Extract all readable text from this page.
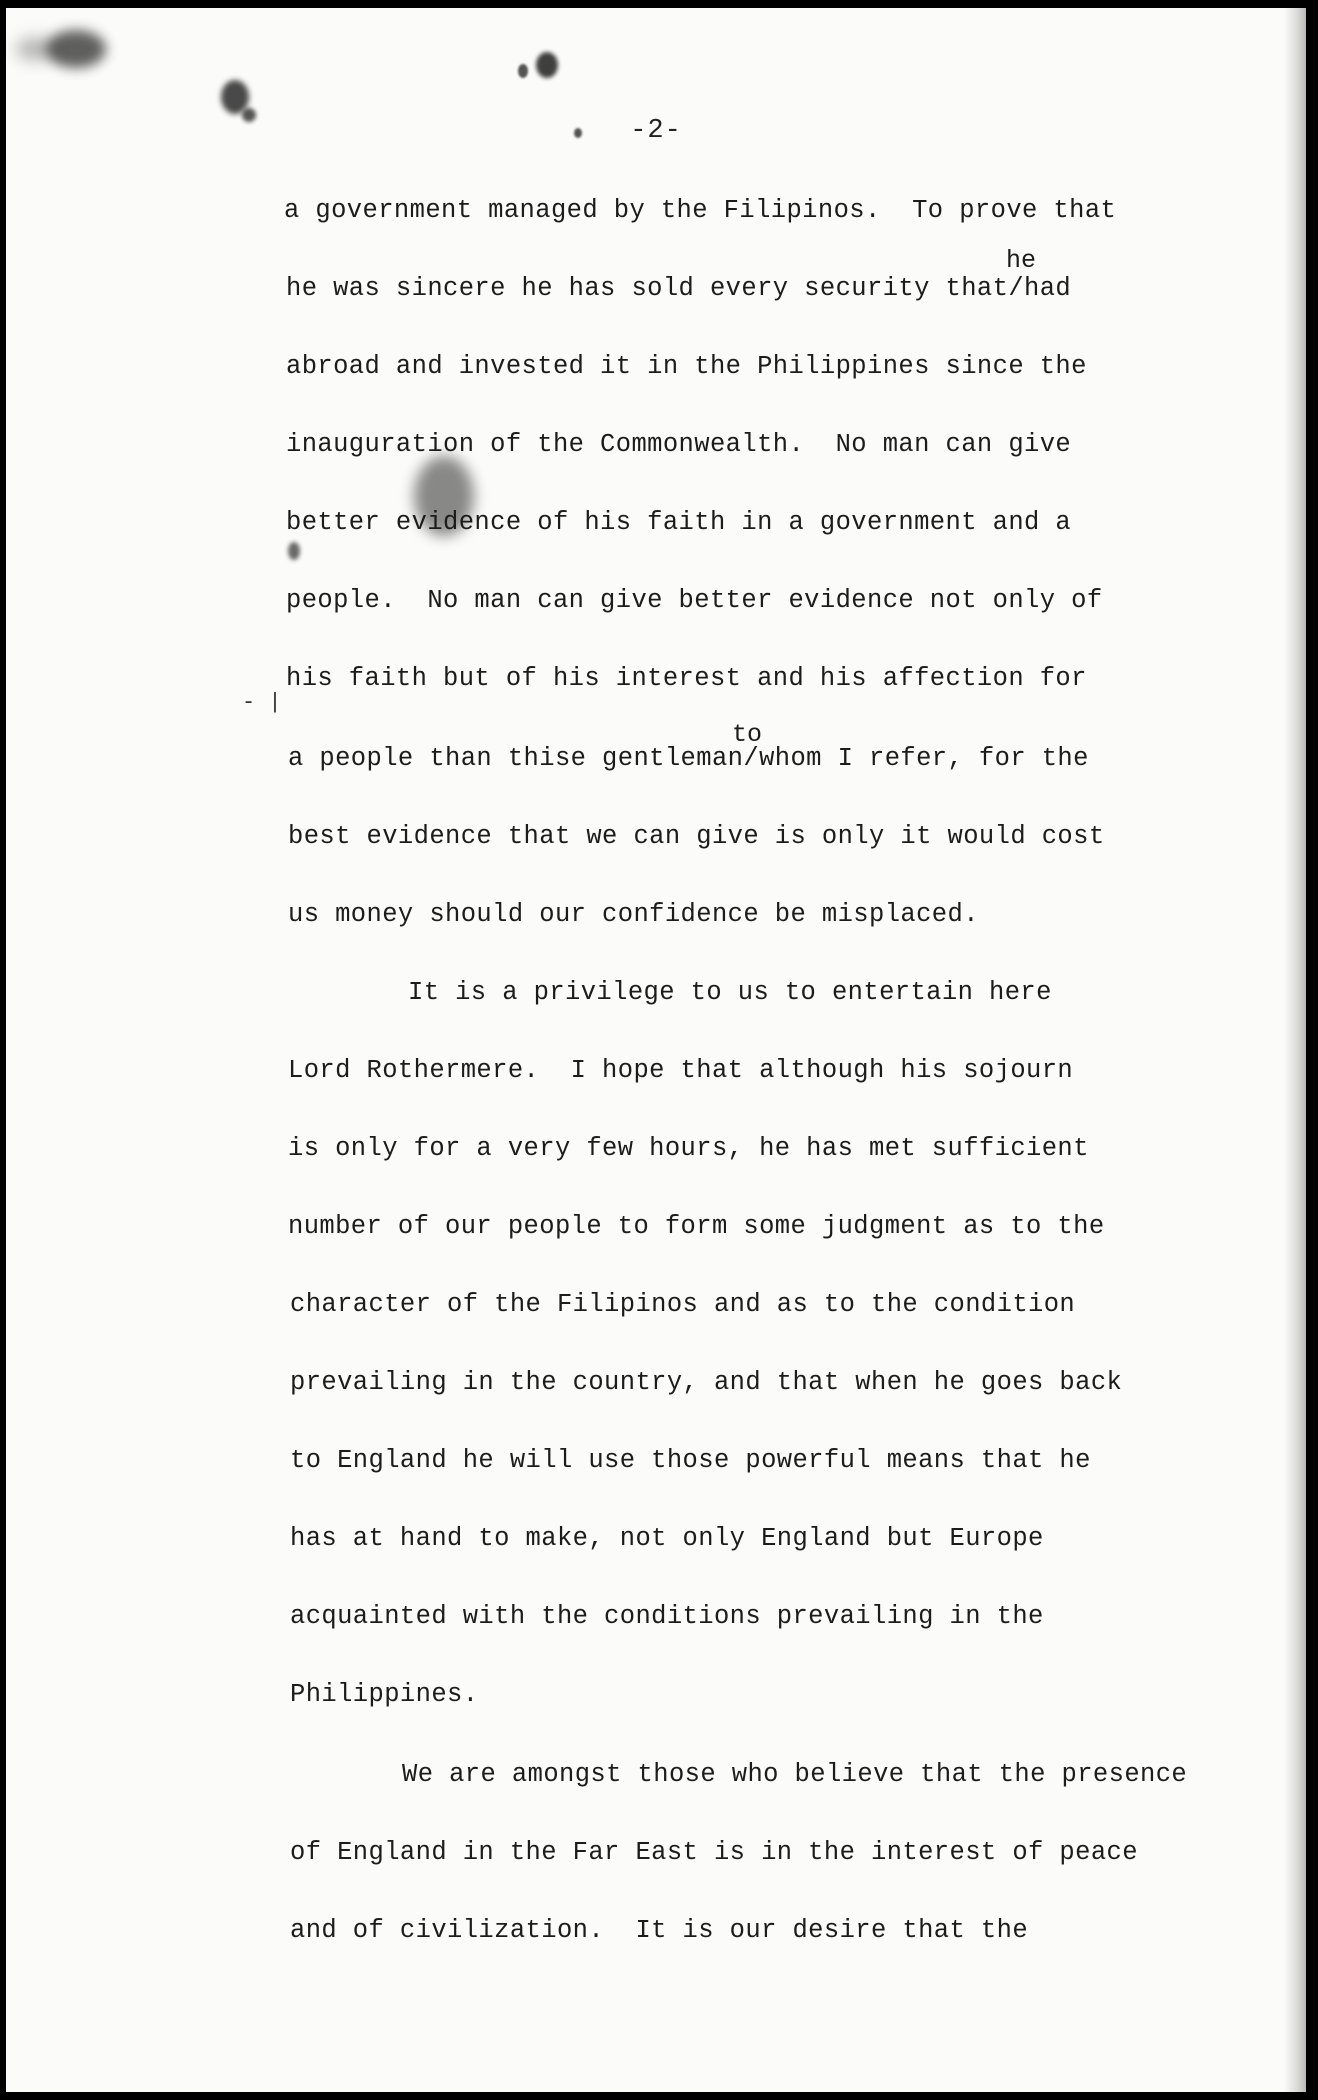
-2-
- |
he
to
a government managed by the Filipinos.  To prove that
he was sincere he has sold every security that/had
abroad and invested it in the Philippines since the
inauguration of the Commonwealth.  No man can give
better evidence of his faith in a government and a
people.  No man can give better evidence not only of
his faith but of his interest and his affection for
a people than thise gentleman/whom I refer, for the
best evidence that we can give is only it would cost
us money should our confidence be misplaced.
It is a privilege to us to entertain here
Lord Rothermere.  I hope that although his sojourn
is only for a very few hours, he has met sufficient
number of our people to form some judgment as to the
character of the Filipinos and as to the condition
prevailing in the country, and that when he goes back
to England he will use those powerful means that he
has at hand to make, not only England but Europe
acquainted with the conditions prevailing in the
Philippines.
We are amongst those who believe that the presence
of England in the Far East is in the interest of peace
and of civilization.  It is our desire that the
